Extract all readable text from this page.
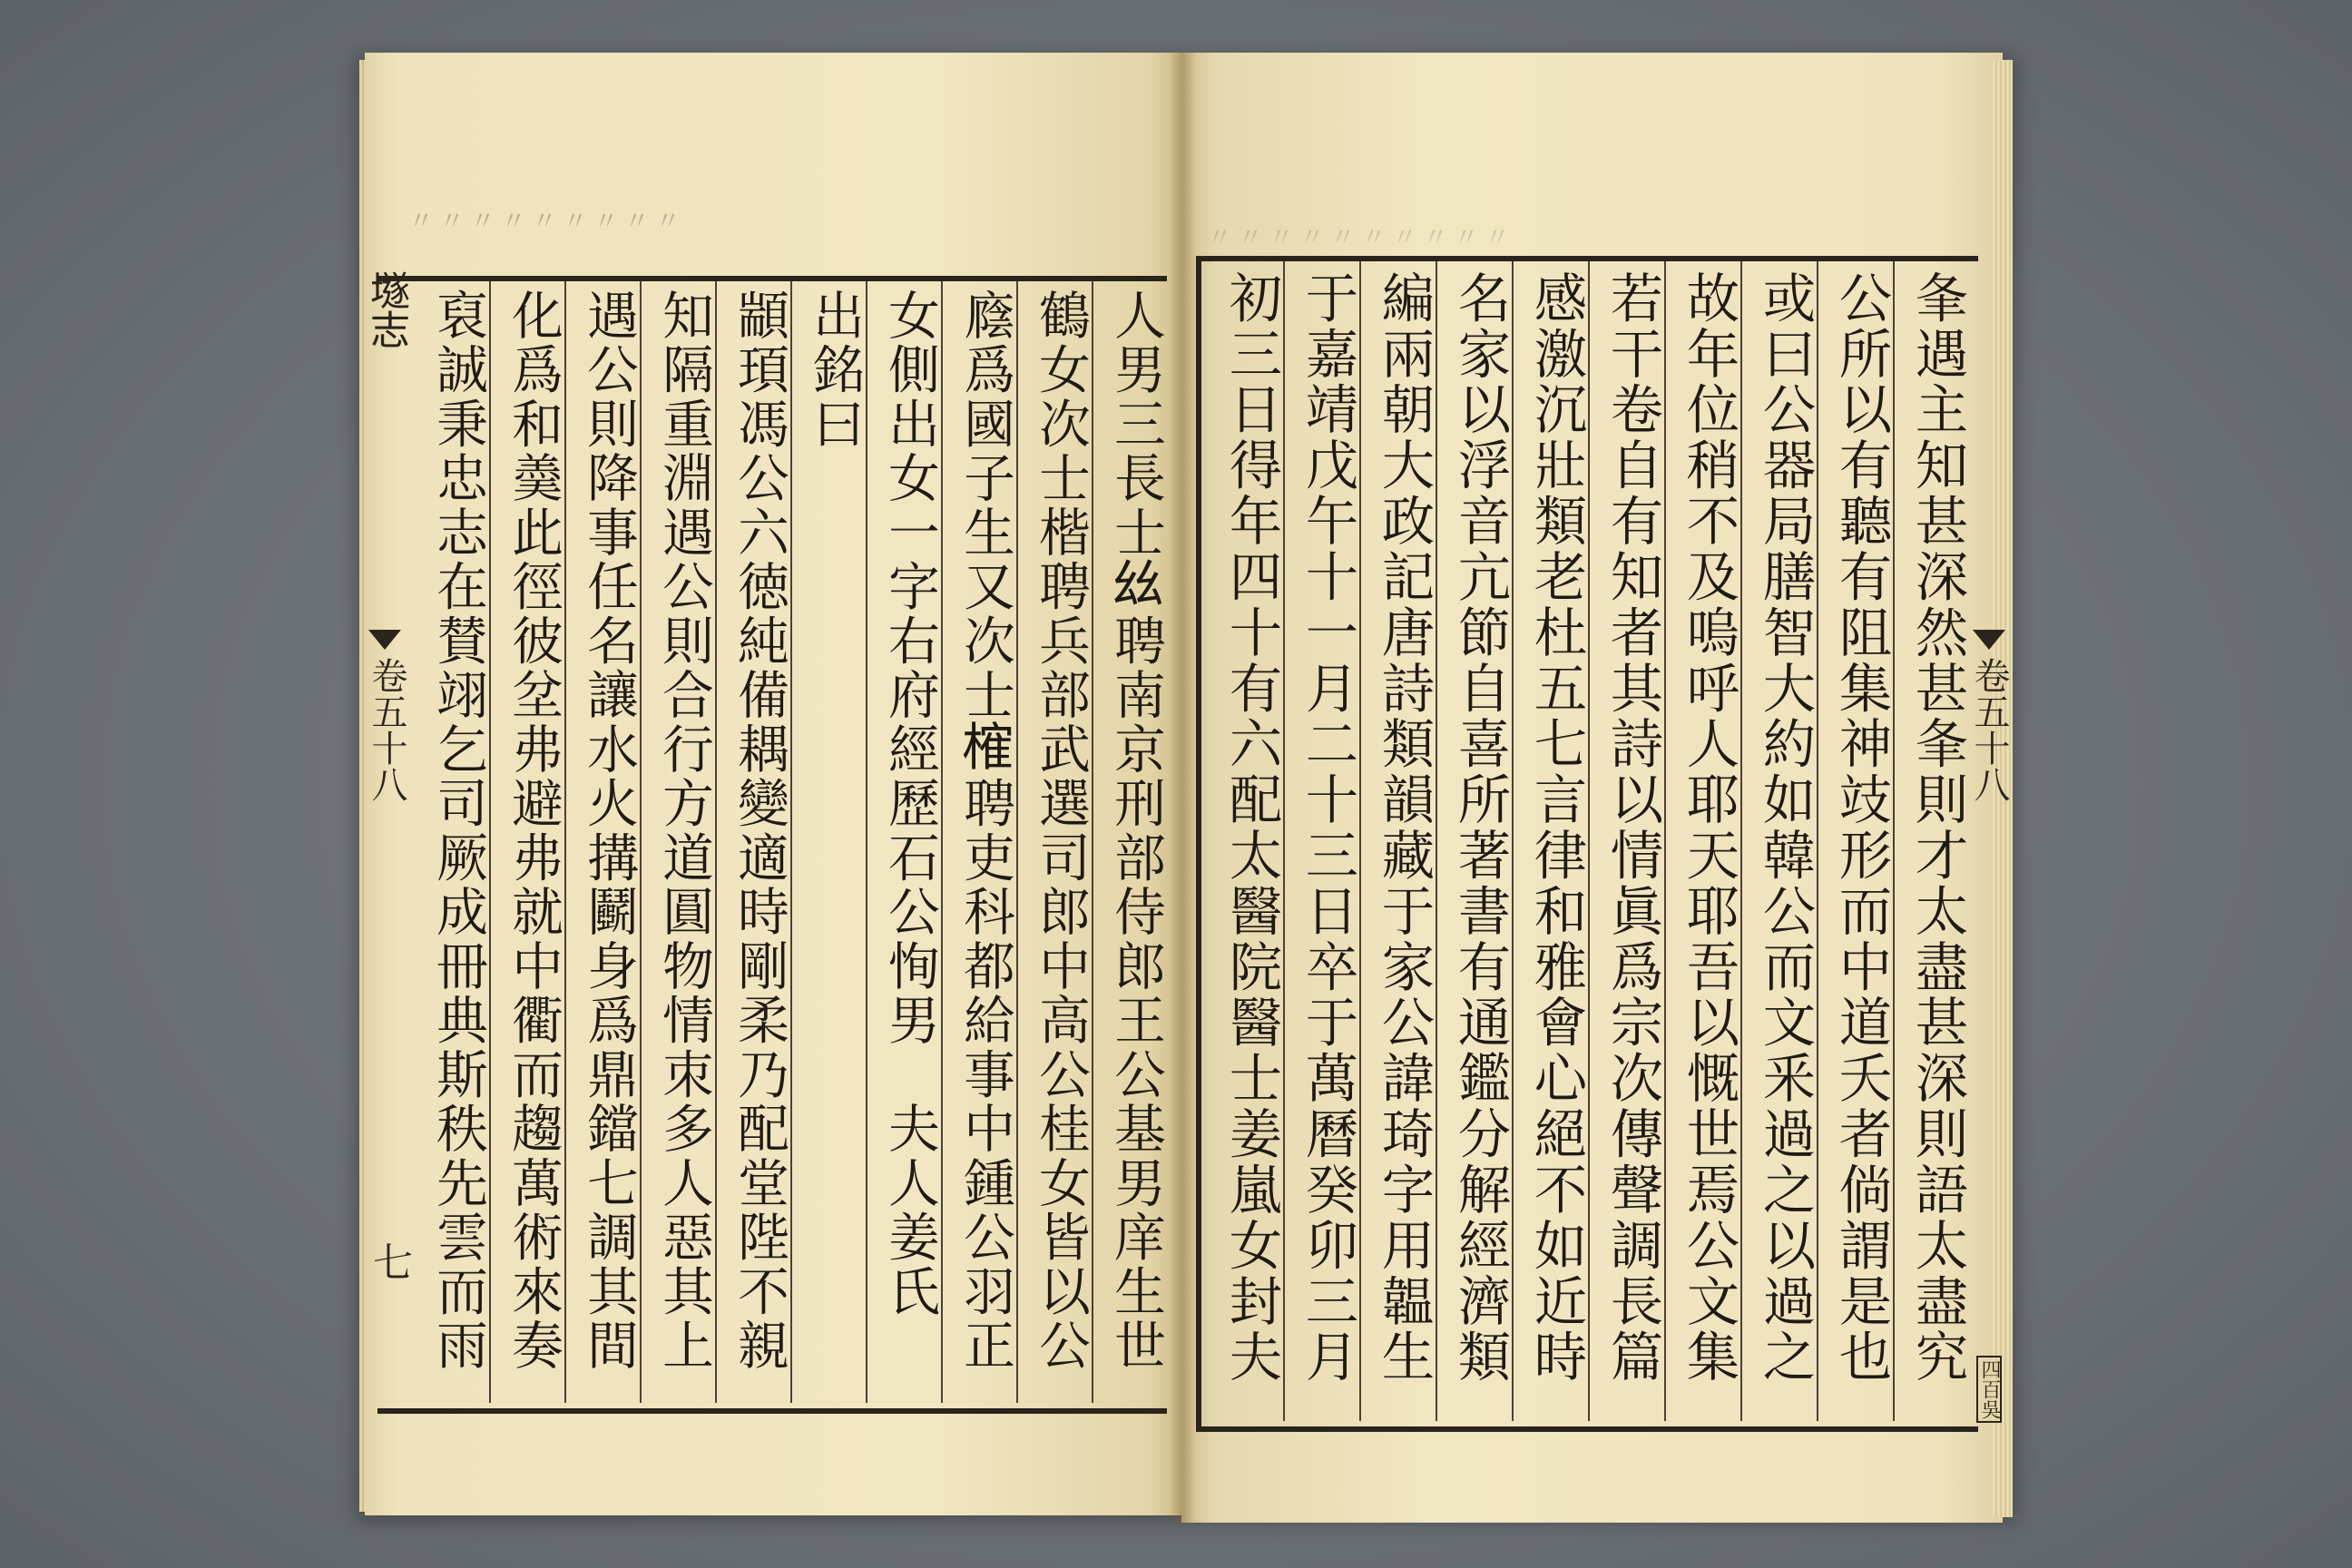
〃〃〃〃〃〃〃〃〃
〃〃〃〃〃〃〃〃〃〃
𡑞志
卷五十八
七	人男三長士𢆶聘南京刑部侍郎王公基男庠生世
鶴女次士楷聘兵部武選司郎中高公桂女皆以公
廕爲國子生又次士𣙜聘吏科都給事中鍾公羽正
女側出女一字右府經歷石公恂男　夫人姜氏
出銘曰
顓頊馮公六徳純備耦變適時剛柔乃配堂陛不親
知隔重淵遇公則合行方道圓物情朿多人惡其上
遇公則降事任名讓水火搆鬬身爲鼎鐺七調其間
化爲和羮此徑彼坌弗避弗就中衢而趨萬術來奏
裒誠秉忠志在賛翊乞司厥成冊典斯秩先雲而雨	卷五十八
四百吳
夆遇主知甚深然甚夆則才太盡甚深則語太盡究
公所以有聽有阻集神攱形而中道夭者倘謂是也
或曰公器局膳智大約如韓公而文釆過之以過之
故年位稍不及嗚呼人耶天耶吾以慨世焉公文集
若干卷自有知者其詩以情眞爲宗次傳聲調長篇
感激沉壯類老杜五七言律和雅會心絕不如近時
名家以浮音亢節自喜所著書有通鑑分解經濟類
編兩朝大政記唐詩類韻藏于家公諱琦字用韞生
于嘉靖戊午十一月二十三日卒于萬曆癸卯三月
初三日得年四十有六配太醫院醫士姜嵐女封夫
